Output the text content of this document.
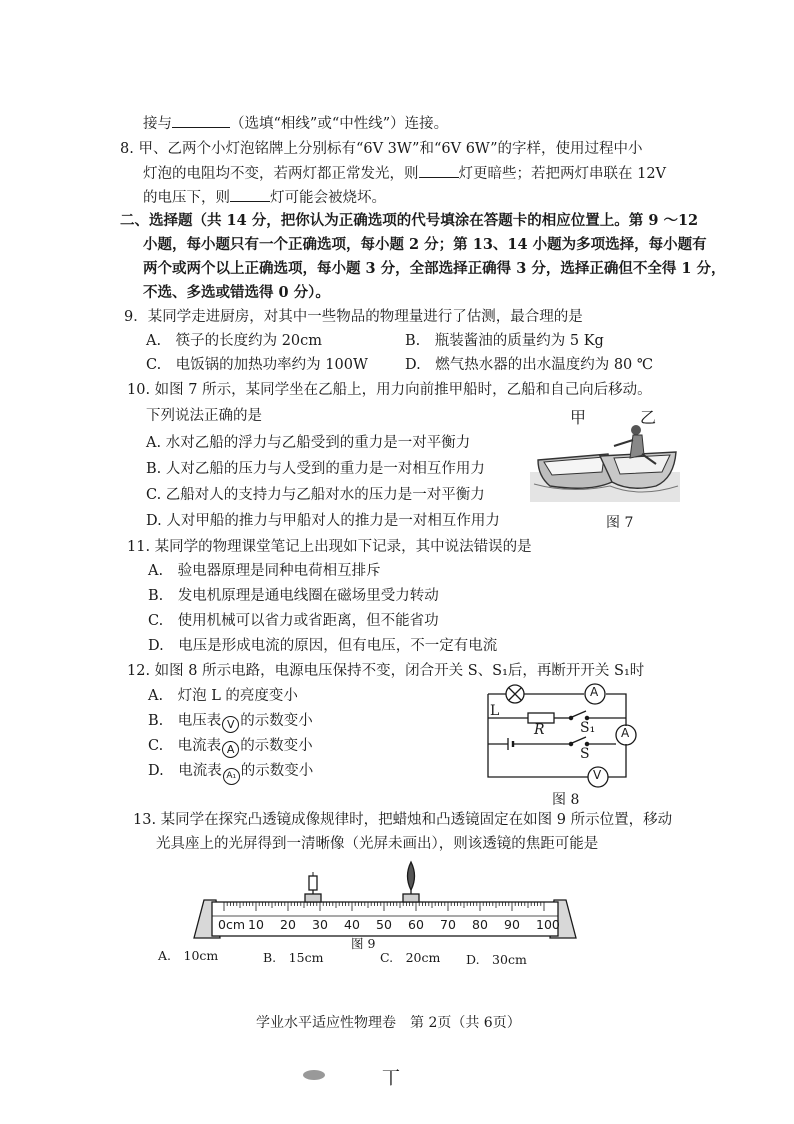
接与	（选填“相线”或“中性线”）连接。
8. 甲、乙两个小灯泡铭牌上分别标有“6V 3W”和“6V 6W”的字样，使用过程中小
灯泡的电阻均不变，若两灯都正常发光，则	灯更暗些；若把两灯串联在 12V
的电压下，则	灯可能会被烧坏。
二、选择题（共 14 分，把你认为正确选项的代号填涂在答题卡的相应位置上。第 9 ～12
小题，每小题只有一个正确选项，每小题 2 分；第 13、14 小题为多项选择，每小题有
两个或两个以上正确选项，每小题 3 分，全部选择正确得 3 分，选择正确但不全得 1 分，
不选、多选或错选得 0 分）。
9．某同学走进厨房，对其中一些物品的物理量进行了估测，最合理的是
A.　筷子的长度约为 20cm	B.　瓶装酱油的质量约为 5 Kg
C.　电饭锅的加热功率约为 100W	D.　燃气热水器的出水温度约为 80 ℃
10. 如图 7 所示，某同学坐在乙船上，用力向前推甲船时，乙船和自己向后移动。
下列说法正确的是
A. 水对乙船的浮力与乙船受到的重力是一对平衡力
B. 人对乙船的压力与人受到的重力是一对相互作用力
C. 乙船对人的支持力与乙船对水的压力是一对平衡力
D. 人对甲船的推力与甲船对人的推力是一对相互作用力
甲	乙
图 7
11. 某同学的物理课堂笔记上出现如下记录，其中说法错误的是
A.　验电器原理是同种电荷相互排斥
B.　发电机原理是通电线圈在磁场里受力转动
C.　使用机械可以省力或省距离，但不能省功
D.　电压是形成电流的原因，但有电压，不一定有电流
12. 如图 8 所示电路，电源电压保持不变，闭合开关 S、S₁后，再断开开关 S₁时
A.　灯泡 L 的亮度变小
B.　电压表 V 的示数变小
C.　电流表 A 的示数变小
D.　电流表 A₁ 的示数变小
L
R	S₁
S
A
A
V
图 8
13. 某同学在探究凸透镜成像规律时，把蜡烛和凸透镜固定在如图 9 所示位置，移动
光具座上的光屏得到一清晰像（光屏未画出），则该透镜的焦距可能是
0cm 10 20 30 40 50 60 70 80 90 100
图 9
A.　10cm	B.　15cm	C.　20cm D.　30cm
学业水平适应性物理卷　第 2页（共 6页）
丅
